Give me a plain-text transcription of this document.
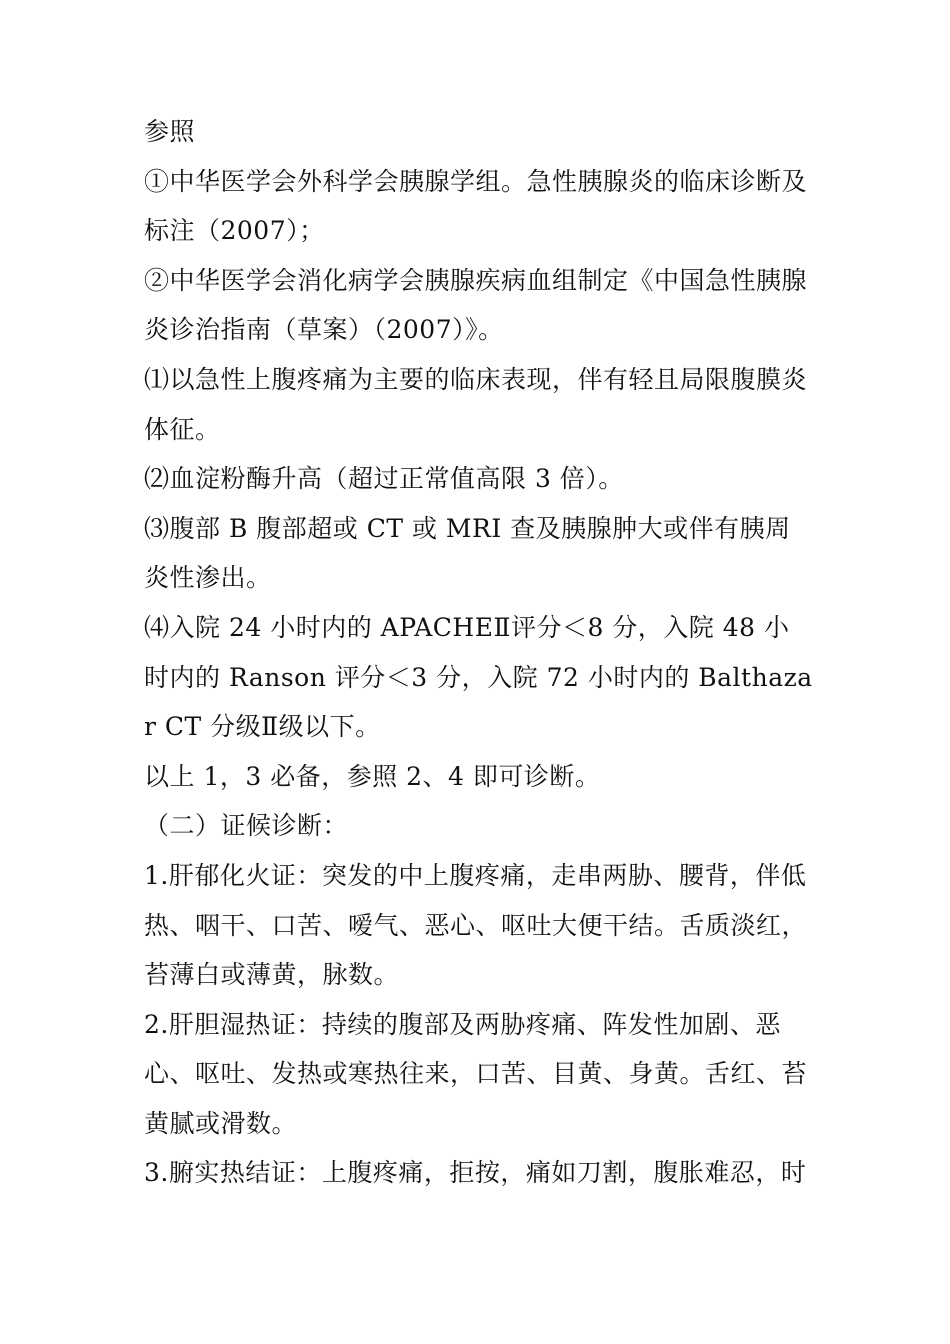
参照

①中华医学会外科学会胰腺学组。急性胰腺炎的临床诊断及标注（2007）；

②中华医学会消化病学会胰腺疾病血组制定《中国急性胰腺炎诊治指南（草案）（2007）》。

⑴以急性上腹疼痛为主要的临床表现，伴有轻且局限腹膜炎体征。

⑵血淀粉酶升高（超过正常值高限 3 倍）。

⑶腹部 B 腹部超或 CT 或 MRI 查及胰腺肿大或伴有胰周炎性渗出。

⑷入院 24 小时内的 APACHEⅡ评分＜8 分，入院 48 小时内的 Ranson 评分＜3 分，入院 72 小时内的 Balthazar CT 分级Ⅱ级以下。

以上 1，3 必备，参照 2、4 即可诊断。

（二）证候诊断：

1.肝郁化火证：突发的中上腹疼痛，走串两胁、腰背，伴低热、咽干、口苦、嗳气、恶心、呕吐大便干结。舌质淡红，苔薄白或薄黄，脉数。

2.肝胆湿热证：持续的腹部及两胁疼痛、阵发性加剧、恶心、呕吐、发热或寒热往来，口苦、目黄、身黄。舌红、苔黄腻或滑数。

3.腑实热结证：上腹疼痛，拒按，痛如刀割，腹胀难忍，时
